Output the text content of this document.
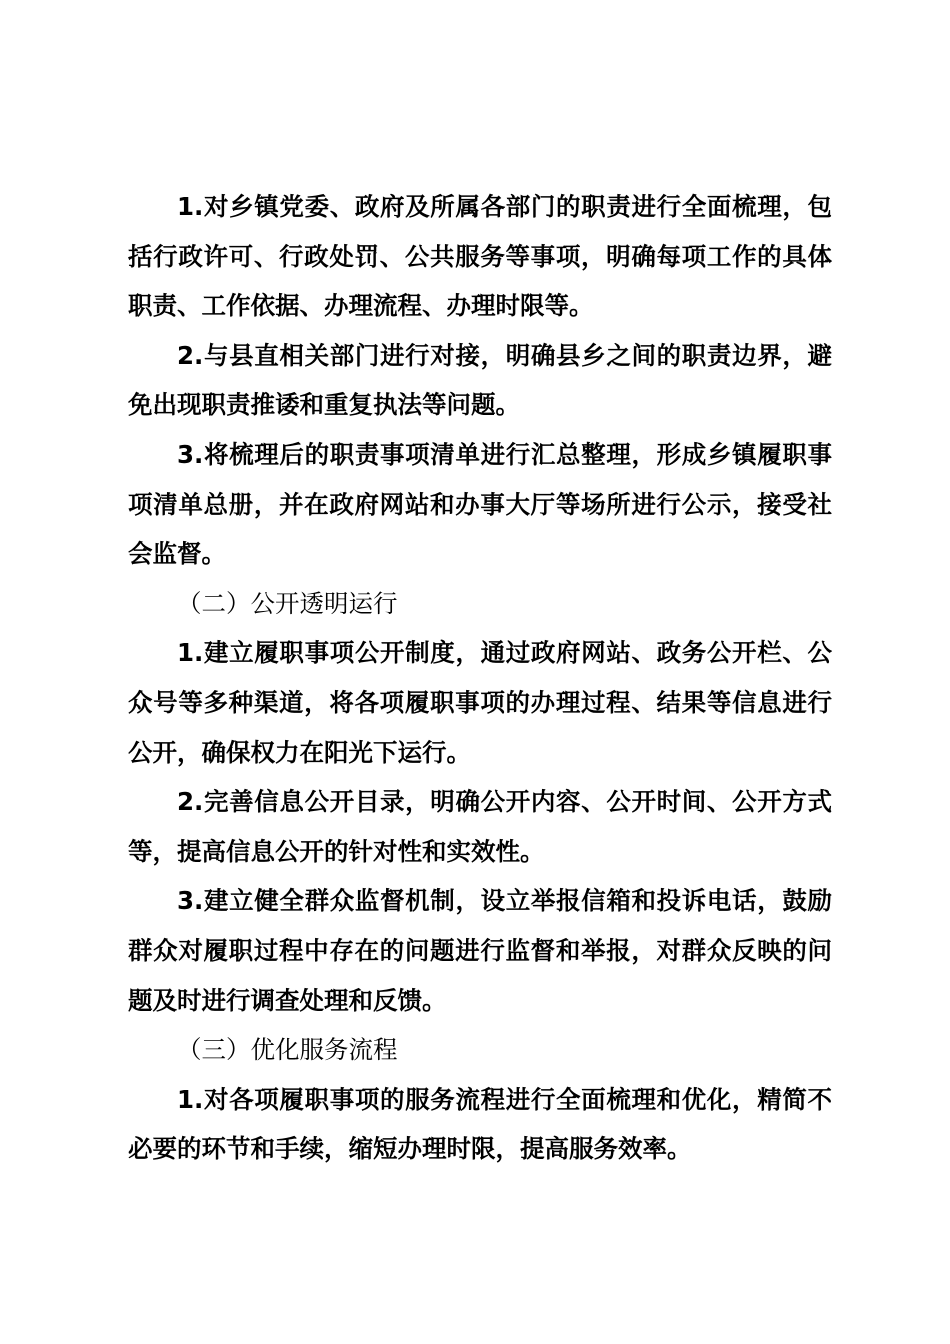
1.对乡镇党委、政府及所属各部门的职责进行全面梳理，包括行政许可、行政处罚、公共服务等事项，明确每项工作的具体职责、工作依据、办理流程、办理时限等。

2.与县直相关部门进行对接，明确县乡之间的职责边界，避免出现职责推诿和重复执法等问题。

3.将梳理后的职责事项清单进行汇总整理，形成乡镇履职事项清单总册，并在政府网站和办事大厅等场所进行公示，接受社会监督。

（二）公开透明运行

1.建立履职事项公开制度，通过政府网站、政务公开栏、公众号等多种渠道，将各项履职事项的办理过程、结果等信息进行公开，确保权力在阳光下运行。

2.完善信息公开目录，明确公开内容、公开时间、公开方式等，提高信息公开的针对性和实效性。

3.建立健全群众监督机制，设立举报信箱和投诉电话，鼓励群众对履职过程中存在的问题进行监督和举报，对群众反映的问题及时进行调查处理和反馈。

（三）优化服务流程

1.对各项履职事项的服务流程进行全面梳理和优化，精简不必要的环节和手续，缩短办理时限，提高服务效率。
